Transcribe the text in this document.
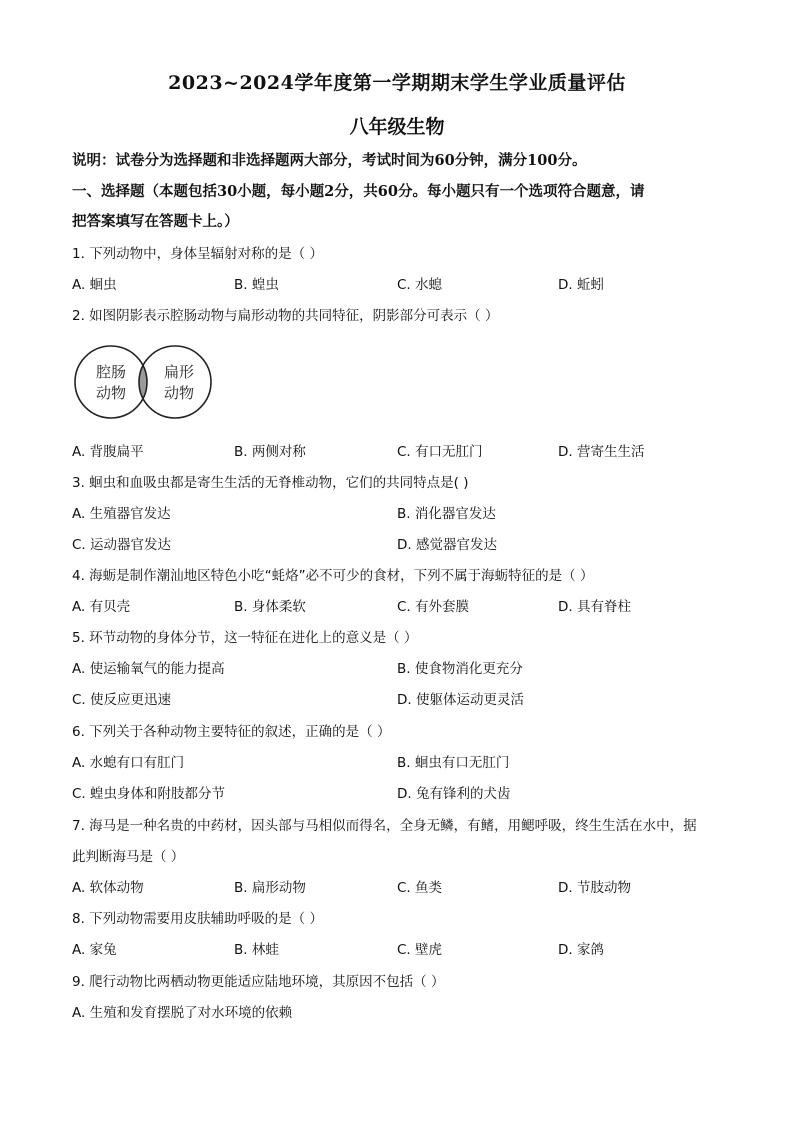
2023~2024学年度第一学期期末学生学业质量评估
八年级生物
说明：试卷分为选择题和非选择题两大部分，考试时间为60分钟，满分100分。
一、选择题（本题包括30小题，每小题2分，共60分。每小题只有一个选项符合题意，请
把答案填写在答题卡上。）
1. 下列动物中，身体呈辐射对称的是（ ）
A. 蛔虫	B. 蝗虫	C. 水螅	D. 蚯蚓
2. 如图阴影表示腔肠动物与扁形动物的共同特征，阴影部分可表示（ ）
腔肠
动物
扁形
动物
A. 背腹扁平	B. 两侧对称	C. 有口无肛门	D. 营寄生生活
3. 蛔虫和血吸虫都是寄生生活的无脊椎动物，它们的共同特点是( )
A. 生殖器官发达	B. 消化器官发达
C. 运动器官发达	D. 感觉器官发达
4. 海蛎是制作潮汕地区特色小吃“蚝烙”必不可少的食材，下列不属于海蛎特征的是（ ）
A. 有贝壳	B. 身体柔软	C. 有外套膜	D. 具有脊柱
5. 环节动物的身体分节，这一特征在进化上的意义是（ ）
A. 使运输氧气的能力提高	B. 使食物消化更充分
C. 使反应更迅速	D. 使躯体运动更灵活
6. 下列关于各种动物主要特征的叙述，正确的是（ ）
A. 水螅有口有肛门	B. 蛔虫有口无肛门
C. 蝗虫身体和附肢都分节	D. 兔有锋利的犬齿
7. 海马是一种名贵的中药材，因头部与马相似而得名，全身无鳞，有鳍，用鳃呼吸，终生生活在水中，据
此判断海马是（ ）
A. 软体动物	B. 扁形动物	C. 鱼类	D. 节肢动物
8. 下列动物需要用皮肤辅助呼吸的是（ ）
A. 家兔	B. 林蛙	C. 壁虎	D. 家鸽
9. 爬行动物比两栖动物更能适应陆地环境，其原因不包括（ ）
A. 生殖和发育摆脱了对水环境的依赖
